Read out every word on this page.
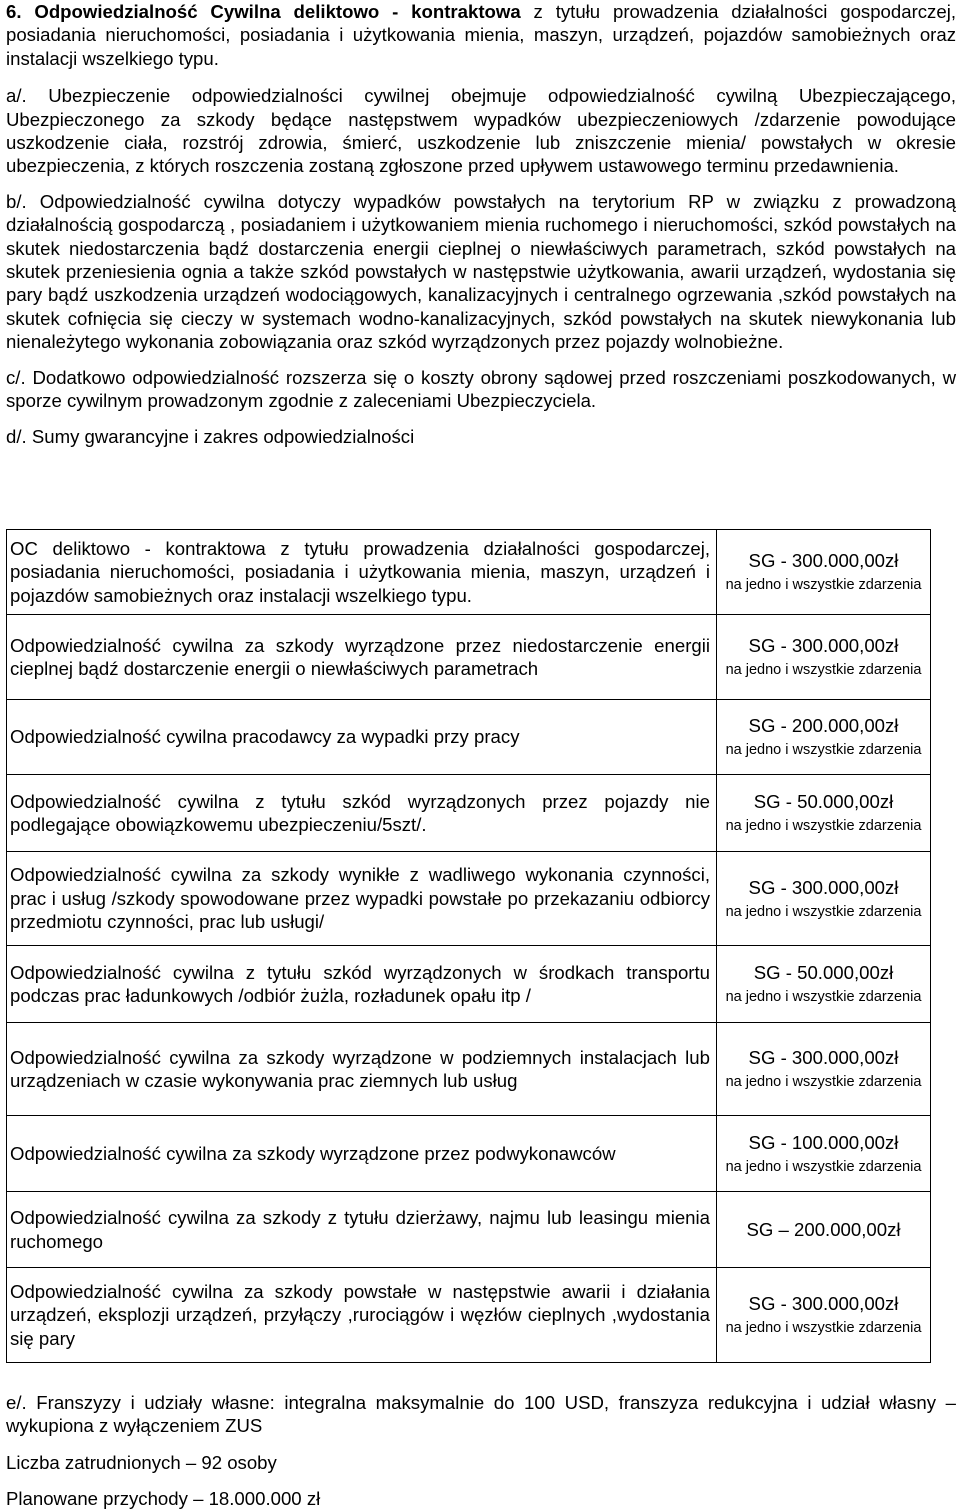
6. Odpowiedzialność Cywilna deliktowo - kontraktowa z tytułu prowadzenia działalności gospodarczej, posiadania nieruchomości, posiadania i użytkowania mienia, maszyn, urządzeń, pojazdów samobieżnych oraz instalacji wszelkiego typu.

a/. Ubezpieczenie odpowiedzialności cywilnej obejmuje odpowiedzialność cywilną Ubezpieczającego, Ubezpieczonego za szkody będące następstwem wypadków ubezpieczeniowych /zdarzenie powodujące uszkodzenie ciała, rozstrój zdrowia, śmierć, uszkodzenie lub zniszczenie mienia/ powstałych w okresie ubezpieczenia, z których roszczenia zostaną zgłoszone przed upływem ustawowego terminu przedawnienia.

b/. Odpowiedzialność cywilna dotyczy wypadków powstałych na terytorium RP w związku z prowadzoną działalnością gospodarczą , posiadaniem i użytkowaniem mienia ruchomego i nieruchomości, szkód powstałych na skutek niedostarczenia bądź dostarczenia energii cieplnej o niewłaściwych parametrach, szkód powstałych na skutek przeniesienia ognia a także szkód powstałych w następstwie użytkowania, awarii urządzeń, wydostania się pary bądź uszkodzenia urządzeń wodociągowych, kanalizacyjnych i centralnego ogrzewania ,szkód powstałych na skutek cofnięcia się cieczy w systemach wodno-kanalizacyjnych, szkód powstałych na skutek niewykonania lub nienależytego wykonania zobowiązania oraz szkód wyrządzonych przez pojazdy wolnobieżne.

c/. Dodatkowo odpowiedzialność rozszerza się o koszty obrony sądowej przed roszczeniami poszkodowanych, w sporze cywilnym prowadzonym zgodnie z zaleceniami Ubezpieczyciela.

d/. Sumy gwarancyjne i zakres odpowiedzialności

OC deliktowo - kontraktowa z tytułu prowadzenia działalności gospodarczej, posiadania nieruchomości, posiadania i użytkowania mienia, maszyn, urządzeń i pojazdów samobieżnych oraz instalacji wszelkiego typu.	SG - 300.000,00zł
na jedno i wszystkie zdarzenia

Odpowiedzialność cywilna za szkody wyrządzone przez niedostarczenie energii cieplnej bądź dostarczenie energii o niewłaściwych parametrach	SG - 300.000,00zł
na jedno i wszystkie zdarzenia

Odpowiedzialność cywilna pracodawcy za wypadki przy pracy	SG - 200.000,00zł
na jedno i wszystkie zdarzenia

Odpowiedzialność cywilna z tytułu szkód wyrządzonych przez pojazdy nie podlegające obowiązkowemu ubezpieczeniu/5szt/.	SG - 50.000,00zł
na jedno i wszystkie zdarzenia

Odpowiedzialność cywilna za szkody wynikłe z wadliwego wykonania czynności, prac i usług /szkody spowodowane przez wypadki powstałe po przekazaniu odbiorcy przedmiotu czynności, prac lub usługi/	SG - 300.000,00zł
na jedno i wszystkie zdarzenia

Odpowiedzialność cywilna z tytułu szkód wyrządzonych w środkach transportu podczas prac ładunkowych /odbiór żużla, rozładunek opału itp /	SG - 50.000,00zł
na jedno i wszystkie zdarzenia

Odpowiedzialność cywilna za szkody wyrządzone w podziemnych instalacjach lub urządzeniach w czasie wykonywania prac ziemnych lub usług	SG - 300.000,00zł
na jedno i wszystkie zdarzenia

Odpowiedzialność cywilna za szkody wyrządzone przez podwykonawców	SG - 100.000,00zł
na jedno i wszystkie zdarzenia

Odpowiedzialność cywilna za szkody z tytułu dzierżawy, najmu lub leasingu mienia ruchomego	SG – 200.000,00zł

Odpowiedzialność cywilna za szkody powstałe w następstwie awarii i działania urządzeń, eksplozji urządzeń, przyłączy ,rurociągów i węzłów cieplnych ,wydostania się pary	SG - 300.000,00zł
na jedno i wszystkie zdarzenia

e/. Franszyzy i udziały własne: integralna maksymalnie do 100 USD, franszyza redukcyjna i udział własny – wykupiona z wyłączeniem ZUS

Liczba zatrudnionych – 92 osoby

Planowane przychody – 18.000.000 zł
